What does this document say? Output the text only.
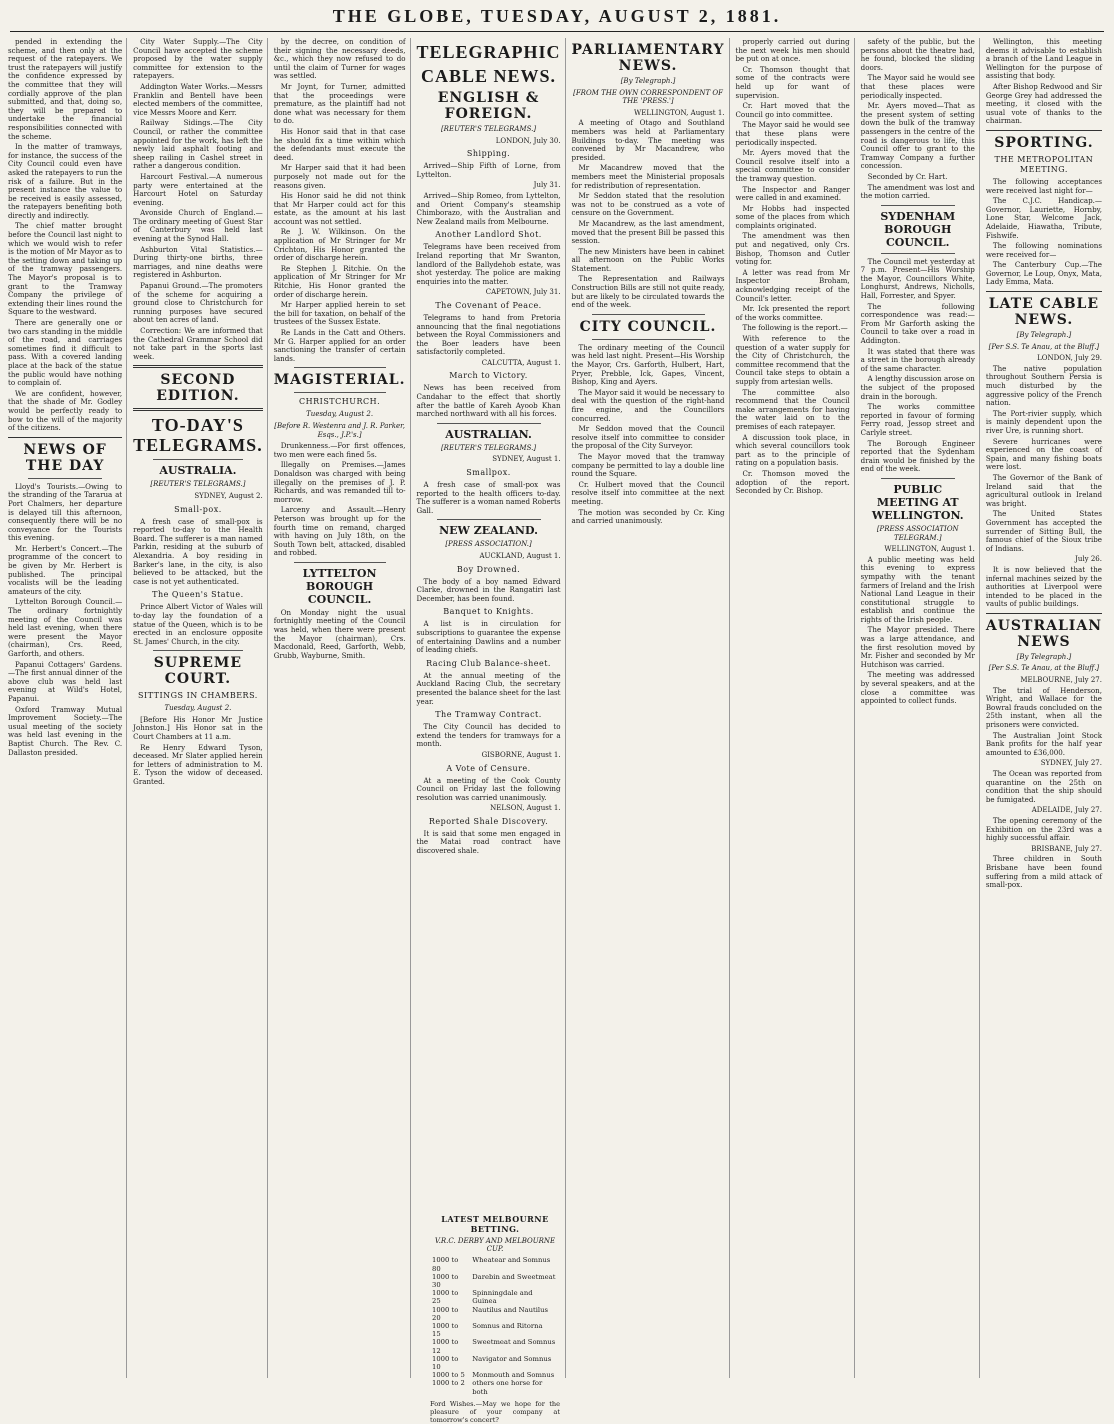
THE GLOBE, TUESDAY, AUGUST 2, 1881.

pended in extending the scheme, and then only at the request of the ratepayers. We trust the ratepayers will justify the confidence expressed by the committee that they will cordially approve of the plan submitted, and that, doing so, they will be prepared to undertake the financial responsibilities connected with the scheme.

In the matter of tramways, for instance, the success of the City Council could even have asked the ratepayers to run the risk of a failure. But in the present instance the value to be received is easily assessed, the ratepayers benefiting both directly and indirectly.

The chief matter brought before the Council last night to which we would wish to refer is the motion of Mr Mayor as to the setting down and taking up of the tramway passengers. The Mayor's proposal is to grant to the Tramway Company the privilege of extending their lines round the Square to the westward.

There are generally one or two cars standing in the middle of the road, and carriages sometimes find it difficult to pass. With a covered landing place at the back of the statue the public would have nothing to complain of.

We are confident, however, that the shade of Mr. Godley would be perfectly ready to bow to the will of the majority of the citizens.

NEWS OF THE DAY

Lloyd's Tourists.—Owing to the stranding of the Tararua at Port Chalmers, her departure is delayed till this afternoon, consequently there will be no conveyance for the Tourists this evening.

Mr. Herbert's Concert.—The programme of the concert to be given by Mr. Herbert is published. The principal vocalists will be the leading amateurs of the city.

Lyttelton Borough Council.—The ordinary fortnightly meeting of the Council was held last evening, when there were present the Mayor (chairman), Crs. Reed, Garforth, and others.

Papanui Cottagers' Gardens.—The first annual dinner of the above club was held last evening at Wild's Hotel, Papanui.

Oxford Tramway Mutual Improvement Society.—The usual meeting of the society was held last evening in the Baptist Church. The Rev. C. Dallaston presided.

City Water Supply.—The City Council have accepted the scheme proposed by the water supply committee for extension to the ratepayers.

Addington Water Works.—Messrs Franklin and Bentell have been elected members of the committee, vice Messrs Moore and Kerr.

Railway Sidings.—The City Council, or rather the committee appointed for the work, has left the newly laid asphalt footing and sheep railing in Cashel street in rather a dangerous condition.

Harcourt Festival.—A numerous party were entertained at the Harcourt Hotel on Saturday evening.

Avonside Church of England.—The ordinary meeting of Guest Star of Canterbury was held last evening at the Synod Hall.

Ashburton Vital Statistics.—During thirty-one births, three marriages, and nine deaths were registered in Ashburton.

Papanui Ground.—The promoters of the scheme for acquiring a ground close to Christchurch for running purposes have secured about ten acres of land.

Correction: We are informed that the Cathedral Grammar School did not take part in the sports last week.

SECOND EDITION.
TO-DAY'S TELEGRAMS.
AUSTRALIA.
[REUTER'S TELEGRAMS.]
SYDNEY, August 2.
Small-pox.

A fresh case of small-pox is reported to-day to the Health Board. The sufferer is a man named Parkin, residing at the suburb of Alexandria. A boy residing in Barker's lane, in the city, is also believed to be attacked, but the case is not yet authenticated.

The Queen's Statue.

Prince Albert Victor of Wales will to-day lay the foundation of a statue of the Queen, which is to be erected in an enclosure opposite St. James' Church, in the city.

SUPREME COURT.
SITTINGS IN CHAMBERS.
Tuesday, August 2.

[Before His Honor Mr Justice Johnston.] His Honor sat in the Court Chambers at 11 a.m.

Re Henry Edward Tyson, deceased. Mr Slater applied herein for letters of administration to M. E. Tyson the widow of deceased. Granted.

by the decree, on condition of their signing the necessary deeds, &c., which they now refused to do until the claim of Turner for wages was settled.

Mr Joynt, for Turner, admitted that the proceedings were premature, as the plaintiff had not done what was necessary for them to do.

His Honor said that in that case he should fix a time within which the defendants must execute the deed.

Mr Harper said that it had been purposely not made out for the reasons given.

His Honor said he did not think that Mr Harper could act for this estate, as the amount at his last account was not settled.

Re J. W. Wilkinson. On the application of Mr Stringer for Mr Crichton, His Honor granted the order of discharge herein.

Re Stephen J. Ritchie. On the application of Mr Stringer for Mr Ritchie, His Honor granted the order of discharge herein.

Mr Harper applied herein to set the bill for taxation, on behalf of the trustees of the Sussex Estate.

Re Lands in the Catt and Others. Mr G. Harper applied for an order sanctioning the transfer of certain lands.

MAGISTERIAL.
CHRISTCHURCH.
Tuesday, August 2.
[Before R. Westenra and J. R. Parker, Esqs., J.P.'s.]

Drunkenness.—For first offences, two men were each fined 5s.

Illegally on Premises.—James Donaldson was charged with being illegally on the premises of J. P. Richards, and was remanded till to-morrow.

Larceny and Assault.—Henry Peterson was brought up for the fourth time on remand, charged with having on July 18th, on the South Town belt, attacked, disabled and robbed.

LYTTELTON BOROUGH COUNCIL.

On Monday night the usual fortnightly meeting of the Council was held, when there were present the Mayor (chairman), Crs. Macdonald, Reed, Garforth, Webb, Grubb, Wayburne, Smith.

TELEGRAPHIC
CABLE NEWS.
ENGLISH & FOREIGN.
[REUTER'S TELEGRAMS.]
LONDON, July 30.
Shipping.

Arrived—Ship Fifth of Lorne, from Lyttelton.

July 31.

Arrived—Ship Romeo, from Lyttelton, and Orient Company's steamship Chimborazo, with the Australian and New Zealand mails from Melbourne.

Another Landlord Shot.

Telegrams have been received from Ireland reporting that Mr Swanton, landlord of the Ballydehob estate, was shot yesterday. The police are making enquiries into the matter.

CAPETOWN, July 31.
The Covenant of Peace.

Telegrams to hand from Pretoria announcing that the final negotiations between the Royal Commissioners and the Boer leaders have been satisfactorily completed.

CALCUTTA, August 1.
March to Victory.

News has been received from Candahar to the effect that shortly after the battle of Kareh Ayoob Khan marched northward with all his forces.

AUSTRALIAN.
[REUTER'S TELEGRAMS.]
SYDNEY, August 1.
Smallpox.

A fresh case of small-pox was reported to the health officers to-day. The sufferer is a woman named Roberts Gall.

NEW ZEALAND.
[PRESS ASSOCIATION.]
AUCKLAND, August 1.
Boy Drowned.

The body of a boy named Edward Clarke, drowned in the Rangatiri last December, has been found.

Banquet to Knights.

A list is in circulation for subscriptions to guarantee the expense of entertaining Dawlins and a number of leading chiefs.

Racing Club Balance-sheet.

At the annual meeting of the Auckland Racing Club, the secretary presented the balance sheet for the last year.

The Tramway Contract.

The City Council has decided to extend the tenders for tramways for a month.

GISBORNE, August 1.
A Vote of Censure.

At a meeting of the Cook County Council on Friday last the following resolution was carried unanimously.

NELSON, August 1.
Reported Shale Discovery.

It is said that some men engaged in the Matai road contract have discovered shale.

PARLIAMENTARY NEWS.
[By Telegraph.]
[FROM THE OWN CORRESPONDENT OF THE 'PRESS.']
WELLINGTON, August 1.

A meeting of Otago and Southland members was held at Parliamentary Buildings to-day. The meeting was convened by Mr Macandrew, who presided.

Mr Macandrew moved that the members meet the Ministerial proposals for redistribution of representation.

Mr Seddon stated that the resolution was not to be construed as a vote of censure on the Government.

Mr Macandrew, as the last amendment, moved that the present Bill be passed this session.

The new Ministers have been in cabinet all afternoon on the Public Works Statement.

The Representation and Railways Construction Bills are still not quite ready, but are likely to be circulated towards the end of the week.

CITY COUNCIL.

The ordinary meeting of the Council was held last night. Present—His Worship the Mayor, Crs. Garforth, Hulbert, Hart, Pryer, Prebble, Ick, Gapes, Vincent, Bishop, King and Ayers.

The Mayor said it would be necessary to deal with the question of the right-hand fire engine, and the Councillors concurred.

Mr Seddon moved that the Council resolve itself into committee to consider the proposal of the City Surveyor.

The Mayor moved that the tramway company be permitted to lay a double line round the Square.

Cr. Hulbert moved that the Council resolve itself into committee at the next meeting.

The motion was seconded by Cr. King and carried unanimously.

properly carried out during the next week his men should be put on at once.

Cr. Thomson thought that some of the contracts were held up for want of supervision.

Cr. Hart moved that the Council go into committee.

The Mayor said he would see that these plans were periodically inspected.

Mr. Ayers moved that the Council resolve itself into a special committee to consider the tramway question.

The Inspector and Ranger were called in and examined.

Mr Hobbs had inspected some of the places from which complaints originated.

The amendment was then put and negatived, only Crs. Bishop, Thomson and Cutler voting for.

A letter was read from Mr Inspector Broham, acknowledging receipt of the Council's letter.

Mr. Ick presented the report of the works committee.

The following is the report.—

With reference to the question of a water supply for the City of Christchurch, the committee recommend that the Council take steps to obtain a supply from artesian wells.

The committee also recommend that the Council make arrangements for having the water laid on to the premises of each ratepayer.

A discussion took place, in which several councillors took part as to the principle of rating on a population basis.

Cr. Thomson moved the adoption of the report. Seconded by Cr. Bishop.

safety of the public, but the persons about the theatre had, he found, blocked the sliding doors.

The Mayor said he would see that these places were periodically inspected.

Mr. Ayers moved—That as the present system of setting down the bulk of the tramway passengers in the centre of the road is dangerous to life, this Council offer to grant to the Tramway Company a further concession.

Seconded by Cr. Hart.

The amendment was lost and the motion carried.

SYDENHAM BOROUGH COUNCIL.

The Council met yesterday at 7 p.m. Present—His Worship the Mayor, Councillors White, Longhurst, Andrews, Nicholls, Hall, Forrester, and Spyer.

The following correspondence was read:—From Mr Garforth asking the Council to take over a road in Addington.

It was stated that there was a street in the borough already of the same character.

A lengthy discussion arose on the subject of the proposed drain in the borough.

The works committee reported in favour of forming Ferry road, Jessop street and Carlyle street.

The Borough Engineer reported that the Sydenham drain would be finished by the end of the week.

PUBLIC MEETING AT WELLINGTON.
[PRESS ASSOCIATION TELEGRAM.]
WELLINGTON, August 1.

A public meeting was held this evening to express sympathy with the tenant farmers of Ireland and the Irish National Land League in their constitutional struggle to establish and continue the rights of the Irish people.

The Mayor presided. There was a large attendance, and the first resolution moved by Mr. Fisher and seconded by Mr Hutchison was carried.

The meeting was addressed by several speakers, and at the close a committee was appointed to collect funds.

Wellington, this meeting deems it advisable to establish a branch of the Land League in Wellington for the purpose of assisting that body.

After Bishop Redwood and Sir George Grey had addressed the meeting, it closed with the usual vote of thanks to the chairman.

SPORTING.
THE METROPOLITAN MEETING.

The following acceptances were received last night for—

The C.J.C. Handicap.—Governor, Lauriette, Hornby, Lone Star, Welcome Jack, Adelaide, Hiawatha, Tribute, Fishwife.

The following nominations were received for—

The Canterbury Cup.—The Governor, Le Loup, Onyx, Mata, Lady Emma, Mata.

LATE CABLE NEWS.
[By Telegraph.]
[Per S.S. Te Anau, at the Bluff.]
LONDON, July 29.

The native population throughout Southern Persia is much disturbed by the aggressive policy of the French nation.

The Port-rivier supply, which is mainly dependent upon the river Ure, is running short.

Severe hurricanes were experienced on the coast of Spain, and many fishing boats were lost.

The Governor of the Bank of Ireland said that the agricultural outlook in Ireland was bright.

The United States Government has accepted the surrender of Sitting Bull, the famous chief of the Sioux tribe of Indians.

July 26.

It is now believed that the infernal machines seized by the authorities at Liverpool were intended to be placed in the vaults of public buildings.

AUSTRALIAN NEWS
[By Telegraph.]
[Per S.S. Te Anau, at the Bluff.]
MELBOURNE, July 27.

The trial of Henderson, Wright, and Wallace for the Bowral frauds concluded on the 25th instant, when all the prisoners were convicted.

The Australian Joint Stock Bank profits for the half year amounted to £36,000.

SYDNEY, July 27.

The Ocean was reported from quarantine on the 25th on condition that the ship should be fumigated.

ADELAIDE, July 27.

The opening ceremony of the Exhibition on the 23rd was a highly successful affair.

BRISBANE, July 27.

Three children in South Brisbane have been found suffering from a mild attack of small-pox.

LATEST MELBOURNE BETTING.
V.R.C. DERBY AND MELBOURNE CUP.
1000 to 80	Wheatear and Somnus
1000 to 30	Darebin and Sweetmeat
1000 to 25	Spinningdale and Guinea
1000 to 20	Nautilus and Nautilus
1000 to 15	Somnus and Ritorna
1000 to 12	Sweetmeat and Somnus
1000 to 10	Navigator and Somnus
1000 to 5	Monmouth and Somnus
1000 to 2	others one horse for both
Ford Wishes.—May we hope for the pleasure of your company at tomorrow's concert?
